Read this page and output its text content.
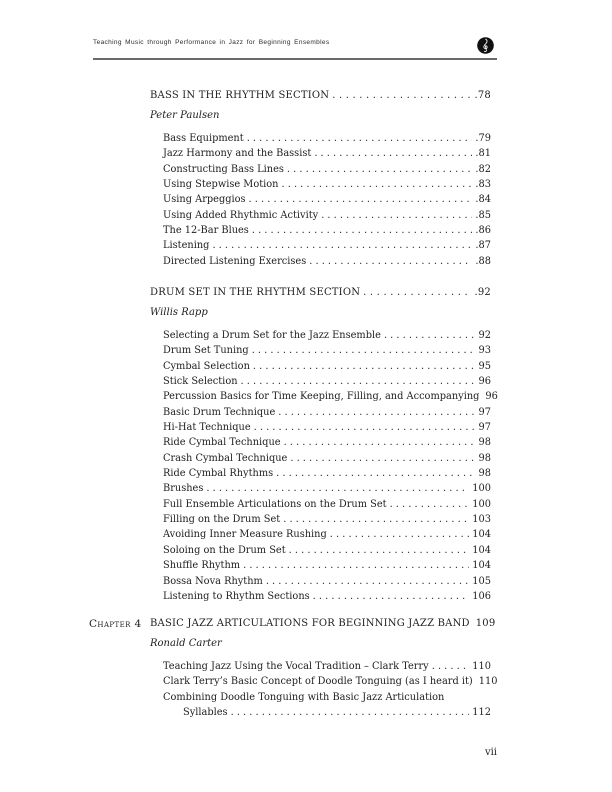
Teaching Music through Performance in Jazz for Beginning Ensembles
BASS IN THE RHYTHM SECTION . . .	.78
Peter Paulsen
Bass Equipment . . .	.79
Jazz Harmony and the Bassist . . .	.81
Constructing Bass Lines . . .	.82
Using Stepwise Motion . . .	.83
Using Arpeggios . . .	.84
Using Added Rhythmic Activity . . .	.85
The 12-Bar Blues . . .	.86
Listening . . .	.87
Directed Listening Exercises . . .	.88
DRUM SET IN THE RHYTHM SECTION . . .	.92
Willis Rapp
Selecting a Drum Set for the Jazz Ensemble . . .	92
Drum Set Tuning . . .	93
Cymbal Selection . . .	95
Stick Selection . . .	96
Percussion Basics for Time Keeping, Filling, and Accompanying 96
Basic Drum Technique . . .	97
Hi-Hat Technique . . .	97
Ride Cymbal Technique . . .	98
Crash Cymbal Technique . . .	98
Ride Cymbal Rhythms . . .	98
Brushes . . .	100
Full Ensemble Articulations on the Drum Set . . .	100
Filling on the Drum Set . . .	103
Avoiding Inner Measure Rushing . . .	104
Soloing on the Drum Set . . .	104
Shuffle Rhythm . . .	104
Bossa Nova Rhythm . . .	105
Listening to Rhythm Sections . . .	106
Chapter 4 BASIC JAZZ ARTICULATIONS FOR BEGINNING JAZZ BAND 109
Ronald Carter
Teaching Jazz Using the Vocal Tradition – Clark Terry . . .	110
Clark Terry’s Basic Concept of Doodle Tonguing (as I heard it) 110
Combining Doodle Tonguing with Basic Jazz Articulation
Syllables . . .	112
vii
